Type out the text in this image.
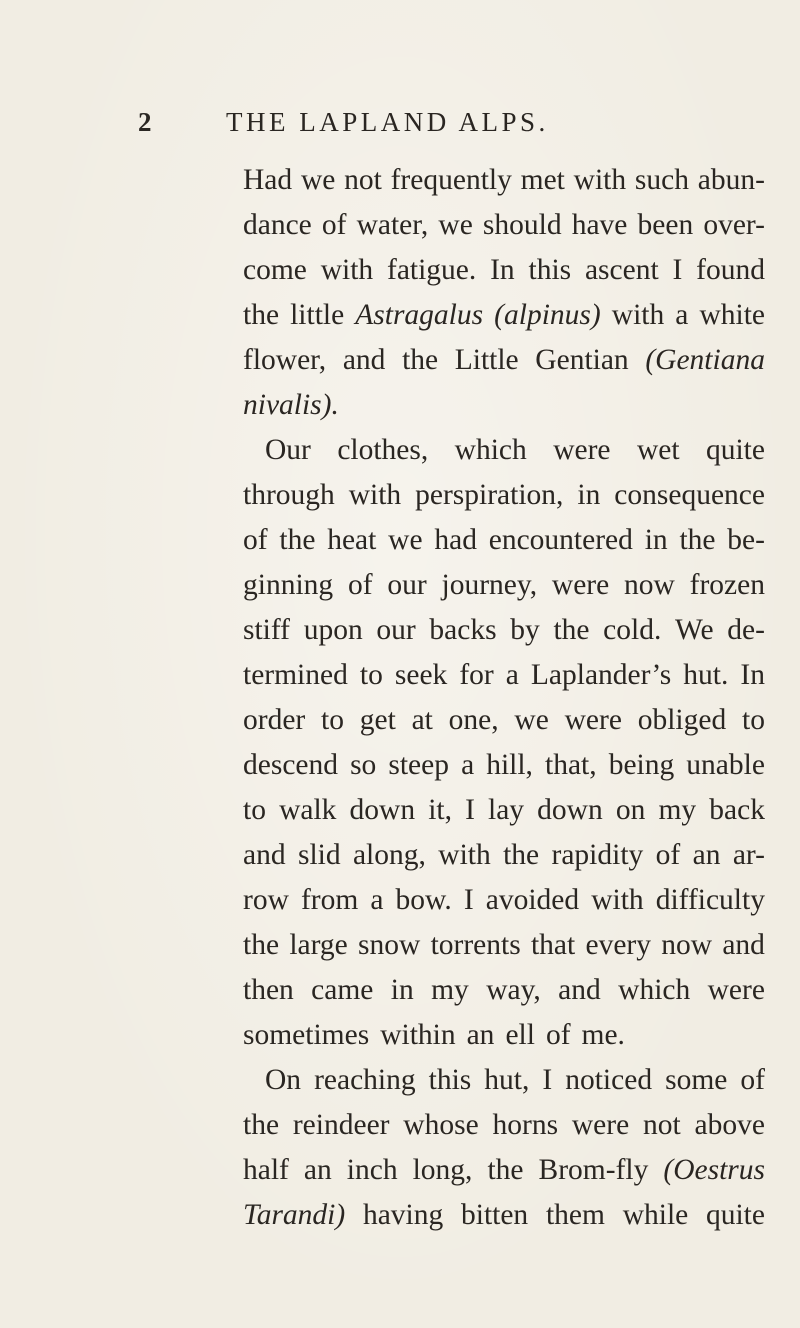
2	THE LAPLAND ALPS.
Had we not frequently met with such abun-
dance of water, we should have been over-
come with fatigue. In this ascent I found
the little Astragalus (alpinus) with a white
flower, and the Little Gentian (Gentiana
nivalis).
Our clothes, which were wet quite
through with perspiration, in consequence
of the heat we had encountered in the be-
ginning of our journey, were now frozen
stiff upon our backs by the cold. We de-
termined to seek for a Laplander’s hut. In
order to get at one, we were obliged to
descend so steep a hill, that, being unable
to walk down it, I lay down on my back
and slid along, with the rapidity of an ar-
row from a bow. I avoided with difficulty
the large snow torrents that every now and
then came in my way, and which were
sometimes within an ell of me.
On reaching this hut, I noticed some of
the reindeer whose horns were not above
half an inch long, the Brom-fly (Oestrus
Tarandi) having bitten them while quite
